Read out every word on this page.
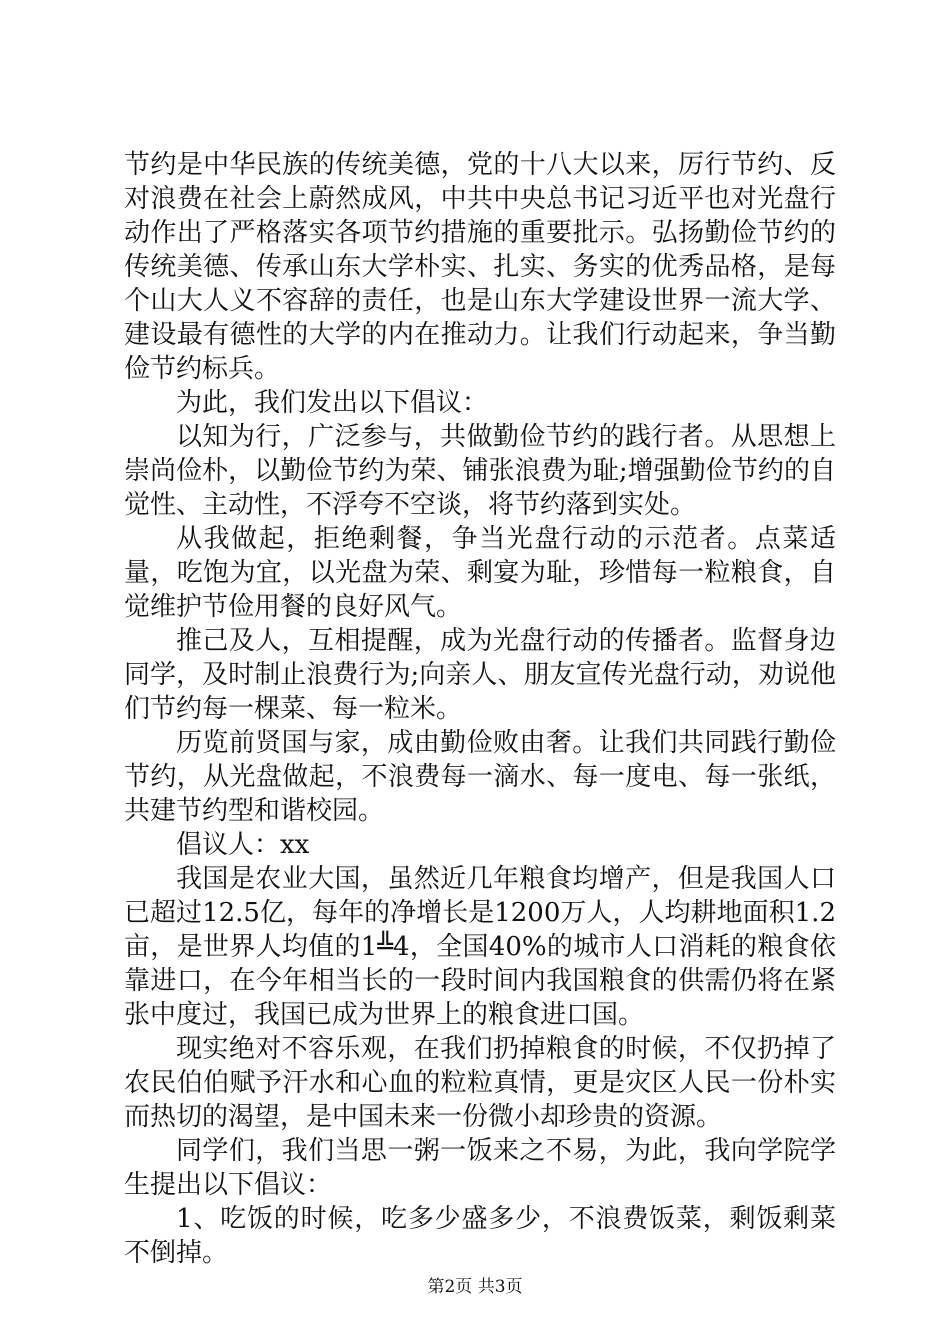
节约是中华民族的传统美德，党的十八大以来，厉行节约、反对浪费在社会上蔚然成风，中共中央总书记习近平也对光盘行动作出了严格落实各项节约措施的重要批示。弘扬勤俭节约的传统美德、传承山东大学朴实、扎实、务实的优秀品格，是每个山大人义不容辞的责任，也是山东大学建设世界一流大学、建设最有德性的大学的内在推动力。让我们行动起来，争当勤俭节约标兵。

为此，我们发出以下倡议：

以知为行，广泛参与，共做勤俭节约的践行者。从思想上崇尚俭朴，以勤俭节约为荣、铺张浪费为耻;增强勤俭节约的自觉性、主动性，不浮夸不空谈，将节约落到实处。

从我做起，拒绝剩餐，争当光盘行动的示范者。点菜适量，吃饱为宜，以光盘为荣、剩宴为耻，珍惜每一粒粮食，自觉维护节俭用餐的良好风气。

推己及人，互相提醒，成为光盘行动的传播者。监督身边同学，及时制止浪费行为;向亲人、朋友宣传光盘行动，劝说他们节约每一棵菜、每一粒米。

历览前贤国与家，成由勤俭败由奢。让我们共同践行勤俭节约，从光盘做起，不浪费每一滴水、每一度电、每一张纸，共建节约型和谐校园。

倡议人：xx

我国是农业大国，虽然近几年粮食均增产，但是我国人口已超过12.5亿，每年的净增长是1200万人，人均耕地面积1.2亩，是世界人均值的1╩4，全国40%的城市人口消耗的粮食依靠进口，在今年相当长的一段时间内我国粮食的供需仍将在紧张中度过，我国已成为世界上的粮食进口国。

现实绝对不容乐观，在我们扔掉粮食的时候，不仅扔掉了农民伯伯赋予汗水和心血的粒粒真情，更是灾区人民一份朴实而热切的渴望，是中国未来一份微小却珍贵的资源。

同学们，我们当思一粥一饭来之不易，为此，我向学院学生提出以下倡议：

1、吃饭的时候，吃多少盛多少，不浪费饭菜，剩饭剩菜不倒掉。

第2页 共3页
